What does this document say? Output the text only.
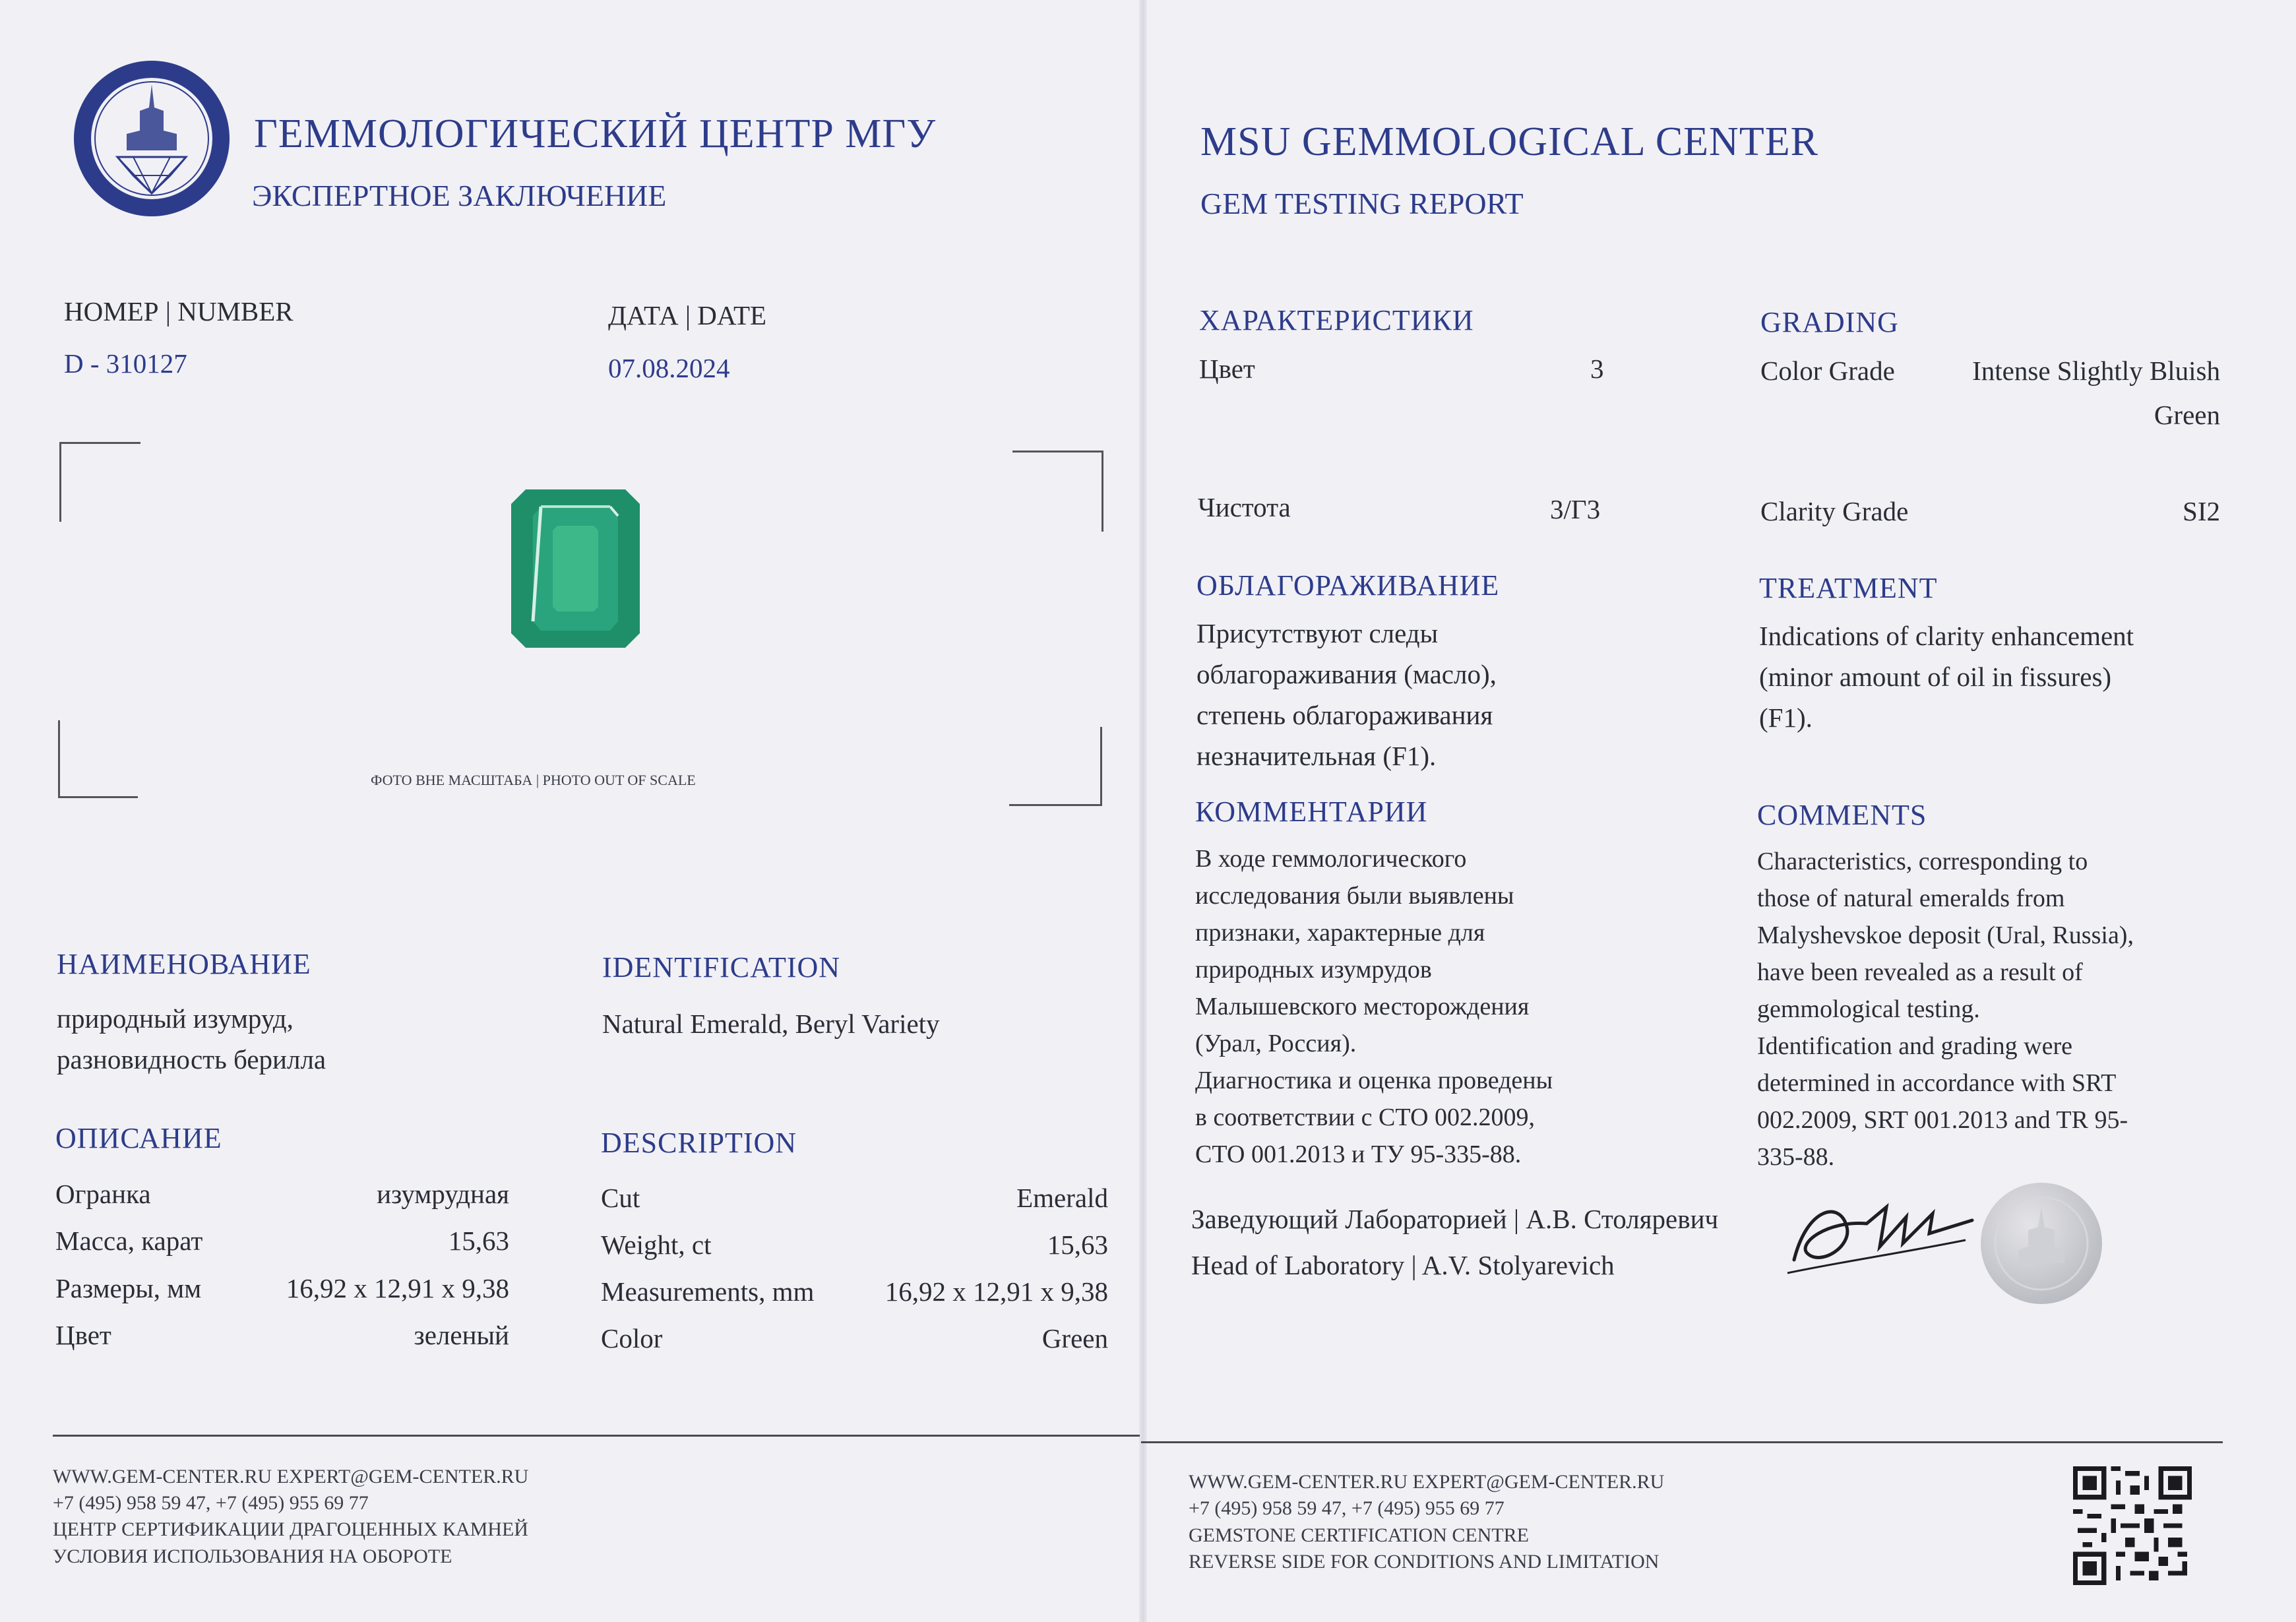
ГЕММОЛОГИЧЕСКИЙ ЦЕНТР МГУ
ЭКСПЕРТНОЕ ЗАКЛЮЧЕНИЕ
НОМЕР | NUMBER
D - 310127
ДАТА | DATE
07.08.2024
ФОТО ВНЕ МАСШТАБА | PHOTO OUT OF SCALE
НАИМЕНОВАНИЕ
природный изумруд,
разновидность берилла
IDENTIFICATION
Natural Emerald, Beryl Variety
ОПИСАНИЕ	DESCRIPTION
Огранка	изумрудная
Масса, карат	15,63
Размеры, мм	16,92 x 12,91 x 9,38
Цвет	зеленый
Cut	Emerald
Weight, ct	15,63
Measurements, mm	16,92 x 12,91 x 9,38
Color	Green
WWW.GEM-CENTER.RU EXPERT@GEM-CENTER.RU
+7 (495) 958 59 47, +7 (495) 955 69 77
ЦЕНТР СЕРТИФИКАЦИИ ДРАГОЦЕННЫХ КАМНЕЙ
УСЛОВИЯ ИСПОЛЬЗОВАНИЯ НА ОБОРОТЕ
MSU GEMMOLOGICAL CENTER
GEM TESTING REPORT
ХАРАКТЕРИСТИКИ	GRADING
Цвет	3	Color Grade	Intense Slightly Bluish
Green
Чистота	3/Г3	Clarity Grade	SI2
ОБЛАГОРАЖИВАНИЕ	TREATMENT
Присутствуют следы
облагораживания (масло),
степень облагораживания
незначительная (F1).
Indications of clarity enhancement
(minor amount of oil in fissures)
(F1).
КОММЕНТАРИИ	COMMENTS
В ходе геммологического
исследования были выявлены
признаки, характерные для
природных изумрудов
Малышевского месторождения
(Урал, Россия).
Диагностика и оценка проведены
в соответствии с СТО 002.2009,
СТО 001.2013 и ТУ 95-335-88.
Characteristics, corresponding to
those of natural emeralds from
Malyshevskoe deposit (Ural, Russia),
have been revealed as a result of
gemmological testing.
Identification and grading were
determined in accordance with SRT
002.2009, SRT 001.2013 and TR 95-
335-88.
Заведующий Лабораторией | А.В. Столяревич
Head of Laboratory | A.V. Stolyarevich
WWW.GEM-CENTER.RU EXPERT@GEM-CENTER.RU
+7 (495) 958 59 47, +7 (495) 955 69 77
GEMSTONE CERTIFICATION CENTRE
REVERSE SIDE FOR CONDITIONS AND LIMITATION
